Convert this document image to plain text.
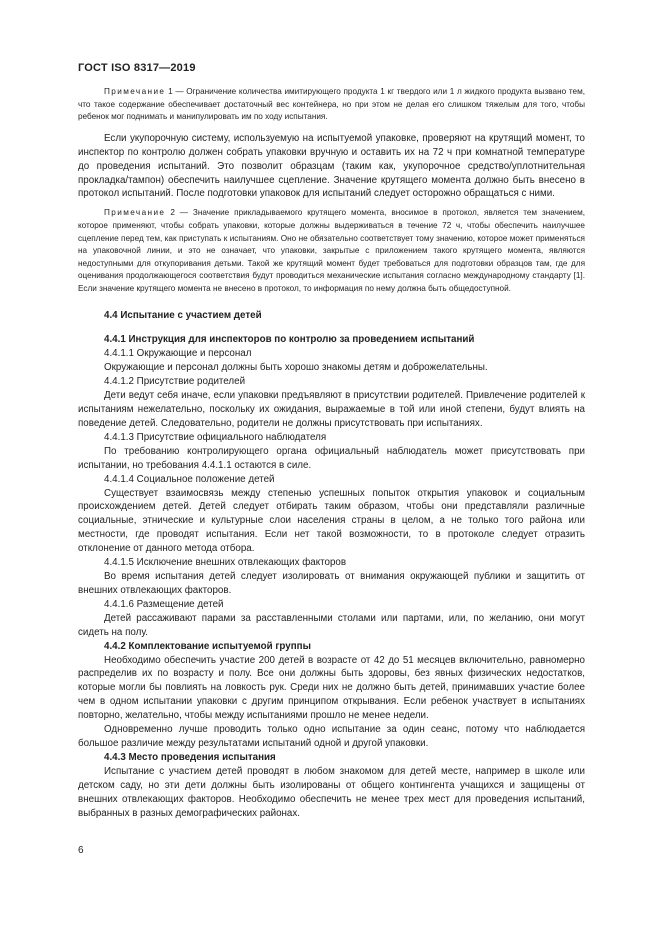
ГОСТ ISO 8317—2019

Примечание 1 — Ограничение количества имитирующего продукта 1 кг твердого или 1 л жидкого продукта вызвано тем, что такое содержание обеспечивает достаточный вес контейнера, но при этом не делая его слишком тяжелым для того, чтобы ребенок мог поднимать и манипулировать им по ходу испытания.

Если укупорочную систему, используемую на испытуемой упаковке, проверяют на крутящий момент, то инспектор по контролю должен собрать упаковки вручную и оставить их на 72 ч при комнатной температуре до проведения испытаний. Это позволит образцам (таким как, укупорочное средство/уплотнительная прокладка/тампон) обеспечить наилучшее сцепление. Значение крутящего момента должно быть внесено в протокол испытаний. После подготовки упаковок для испытаний следует осторожно обращаться с ними.

Примечание 2 — Значение прикладываемого крутящего момента, вносимое в протокол, является тем значением, которое применяют, чтобы собрать упаковки, которые должны выдерживаться в течение 72 ч, чтобы обеспечить наилучшее сцепление перед тем, как приступать к испытаниям. Оно не обязательно соответствует тому значению, которое может применяться на упаковочной линии, и это не означает, что упаковки, закрытые с приложением такого крутящего момента, являются недоступными для откупоривания детьми. Такой же крутящий момент будет требоваться для подготовки образцов там, где для оценивания продолжающегося соответствия будут проводиться механические испытания согласно международному стандарту [1]. Если значение крутящего момента не внесено в протокол, то информация по нему должна быть общедоступной.

4.4 Испытание с участием детей
4.4.1 Инструкция для инспекторов по контролю за проведением испытаний
4.4.1.1 Окружающие и персонал

Окружающие и персонал должны быть хорошо знакомы детям и доброжелательны.

4.4.1.2 Присутствие родителей

Дети ведут себя иначе, если упаковки предъявляют в присутствии родителей. Привлечение родителей к испытаниям нежелательно, поскольку их ожидания, выражаемые в той или иной степени, будут влиять на поведение детей. Следовательно, родители не должны присутствовать при испытаниях.

4.4.1.3 Присутствие официального наблюдателя

По требованию контролирующего органа официальный наблюдатель может присутствовать при испытании, но требования 4.4.1.1 остаются в силе.

4.4.1.4 Социальное положение детей

Существует взаимосвязь между степенью успешных попыток открытия упаковок и социальным происхождением детей. Детей следует отбирать таким образом, чтобы они представляли различные социальные, этнические и культурные слои населения страны в целом, а не только того района или местности, где проводят испытания. Если нет такой возможности, то в протоколе следует отразить отклонение от данного метода отбора.

4.4.1.5 Исключение внешних отвлекающих факторов

Во время испытания детей следует изолировать от внимания окружающей публики и защитить от внешних отвлекающих факторов.

4.4.1.6 Размещение детей

Детей рассаживают парами за расставленными столами или партами, или, по желанию, они могут сидеть на полу.

4.4.2 Комплектование испытуемой группы

Необходимо обеспечить участие 200 детей в возрасте от 42 до 51 месяцев включительно, равномерно распределив их по возрасту и полу. Все они должны быть здоровы, без явных физических недостатков, которые могли бы повлиять на ловкость рук. Среди них не должно быть детей, принимавших участие более чем в одном испытании упаковки с другим принципом открывания. Если ребенок участвует в испытаниях повторно, желательно, чтобы между испытаниями прошло не менее недели.

Одновременно лучше проводить только одно испытание за один сеанс, потому что наблюдается большое различие между результатами испытаний одной и другой упаковки.

4.4.3 Место проведения испытания

Испытание с участием детей проводят в любом знакомом для детей месте, например в школе или детском саду, но эти дети должны быть изолированы от общего контингента учащихся и защищены от внешних отвлекающих факторов. Необходимо обеспечить не менее трех мест для проведения испытаний, выбранных в разных демографических районах.

6
